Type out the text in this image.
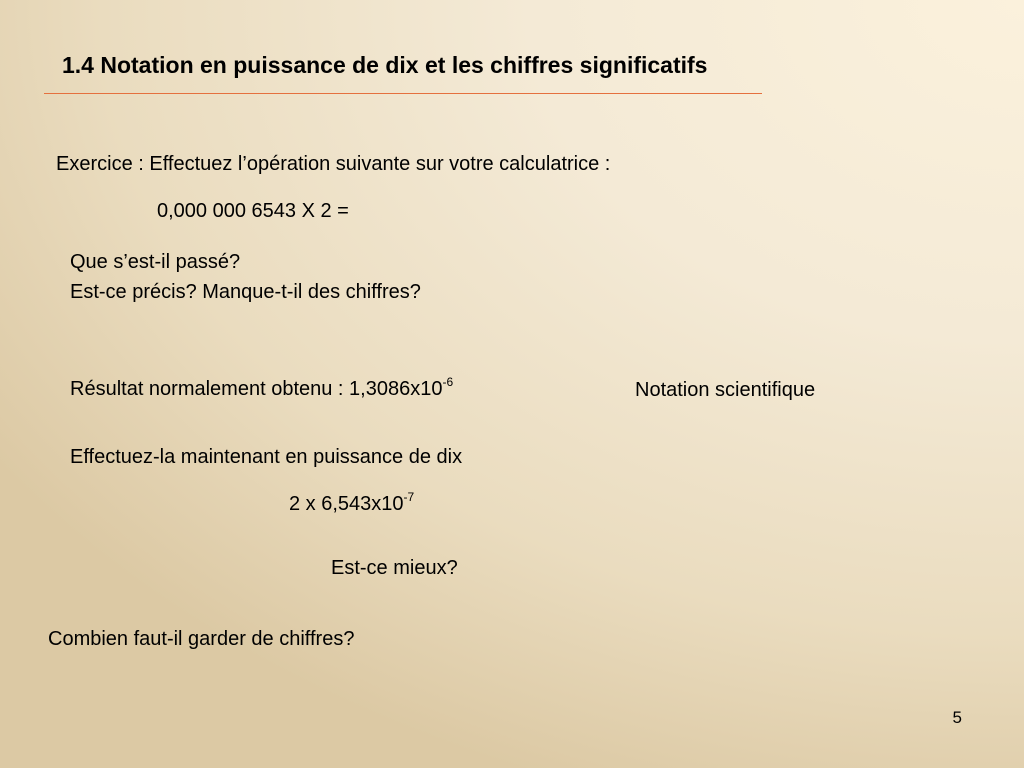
1.4 Notation en puissance de dix et les chiffres significatifs
Exercice : Effectuez l’opération suivante sur votre calculatrice :
0,000 000 6543 X 2 =
Que s’est-il passé?
Est-ce précis? Manque-t-il des chiffres?
Résultat normalement obtenu : $1,3086x10^{-6}$	Notation scientifique
Effectuez-la maintenant en puissance de dix
2 x $6,543x10^{-7}$
Est-ce mieux?
Combien faut-il garder de chiffres?
5
